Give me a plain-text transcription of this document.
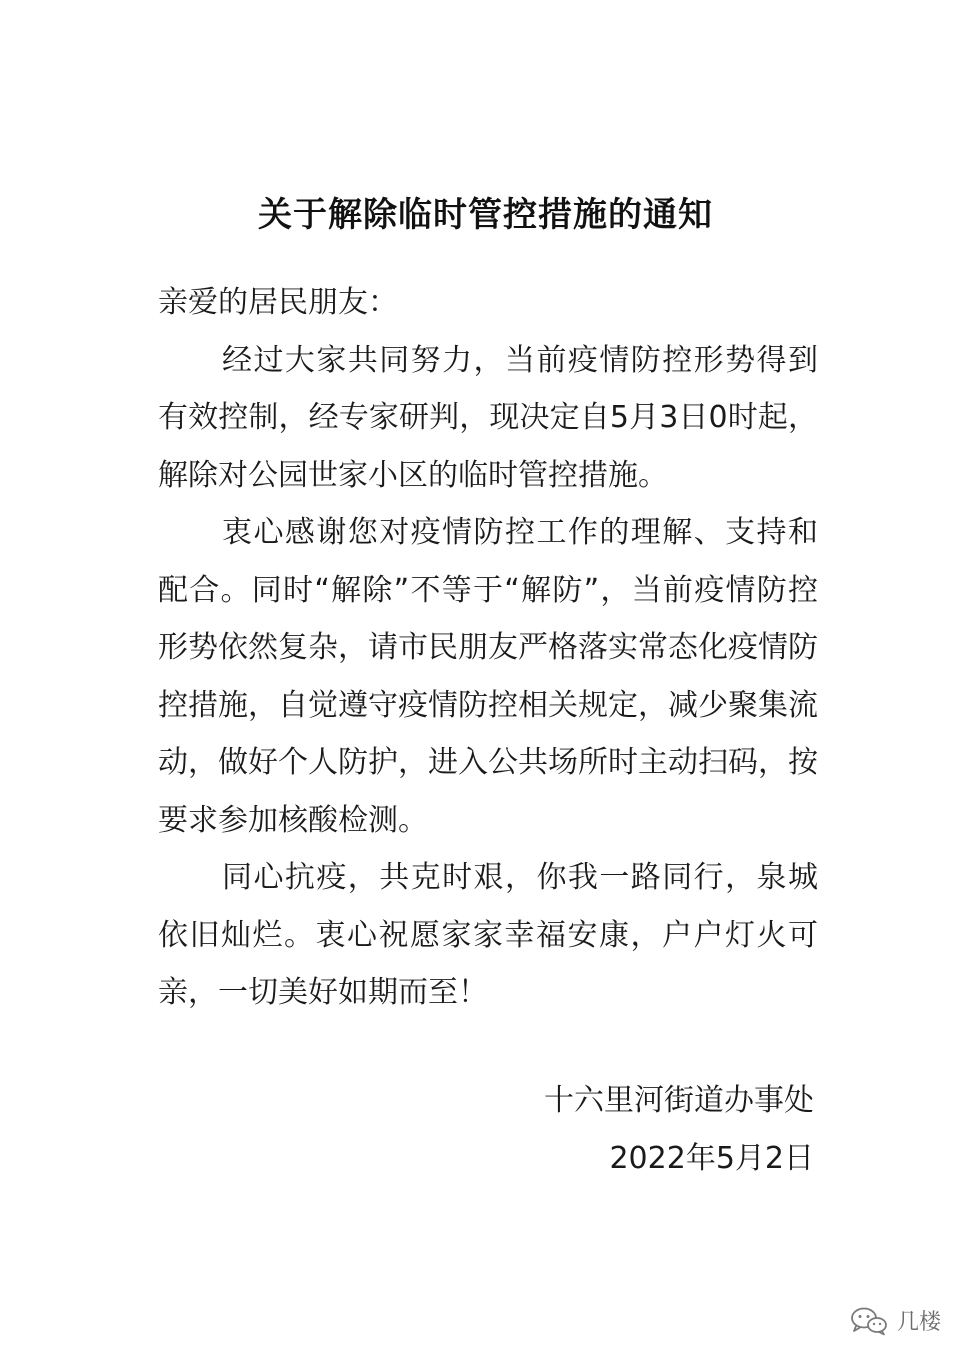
关于解除临时管控措施的通知

亲爱的居民朋友：

经过大家共同努力，当前疫情防控形势得到有效控制，经专家研判，现决定自5月3日0时起，解除对公园世家小区的临时管控措施。

衷心感谢您对疫情防控工作的理解、支持和配合。同时“解除”不等于“解防”，当前疫情防控形势依然复杂，请市民朋友严格落实常态化疫情防控措施，自觉遵守疫情防控相关规定，减少聚集流动，做好个人防护，进入公共场所时主动扫码，按要求参加核酸检测。

同心抗疫，共克时艰，你我一路同行，泉城依旧灿烂。衷心祝愿家家幸福安康，户户灯火可亲，一切美好如期而至！

十六里河街道办事处
2022年5月2日
几楼
